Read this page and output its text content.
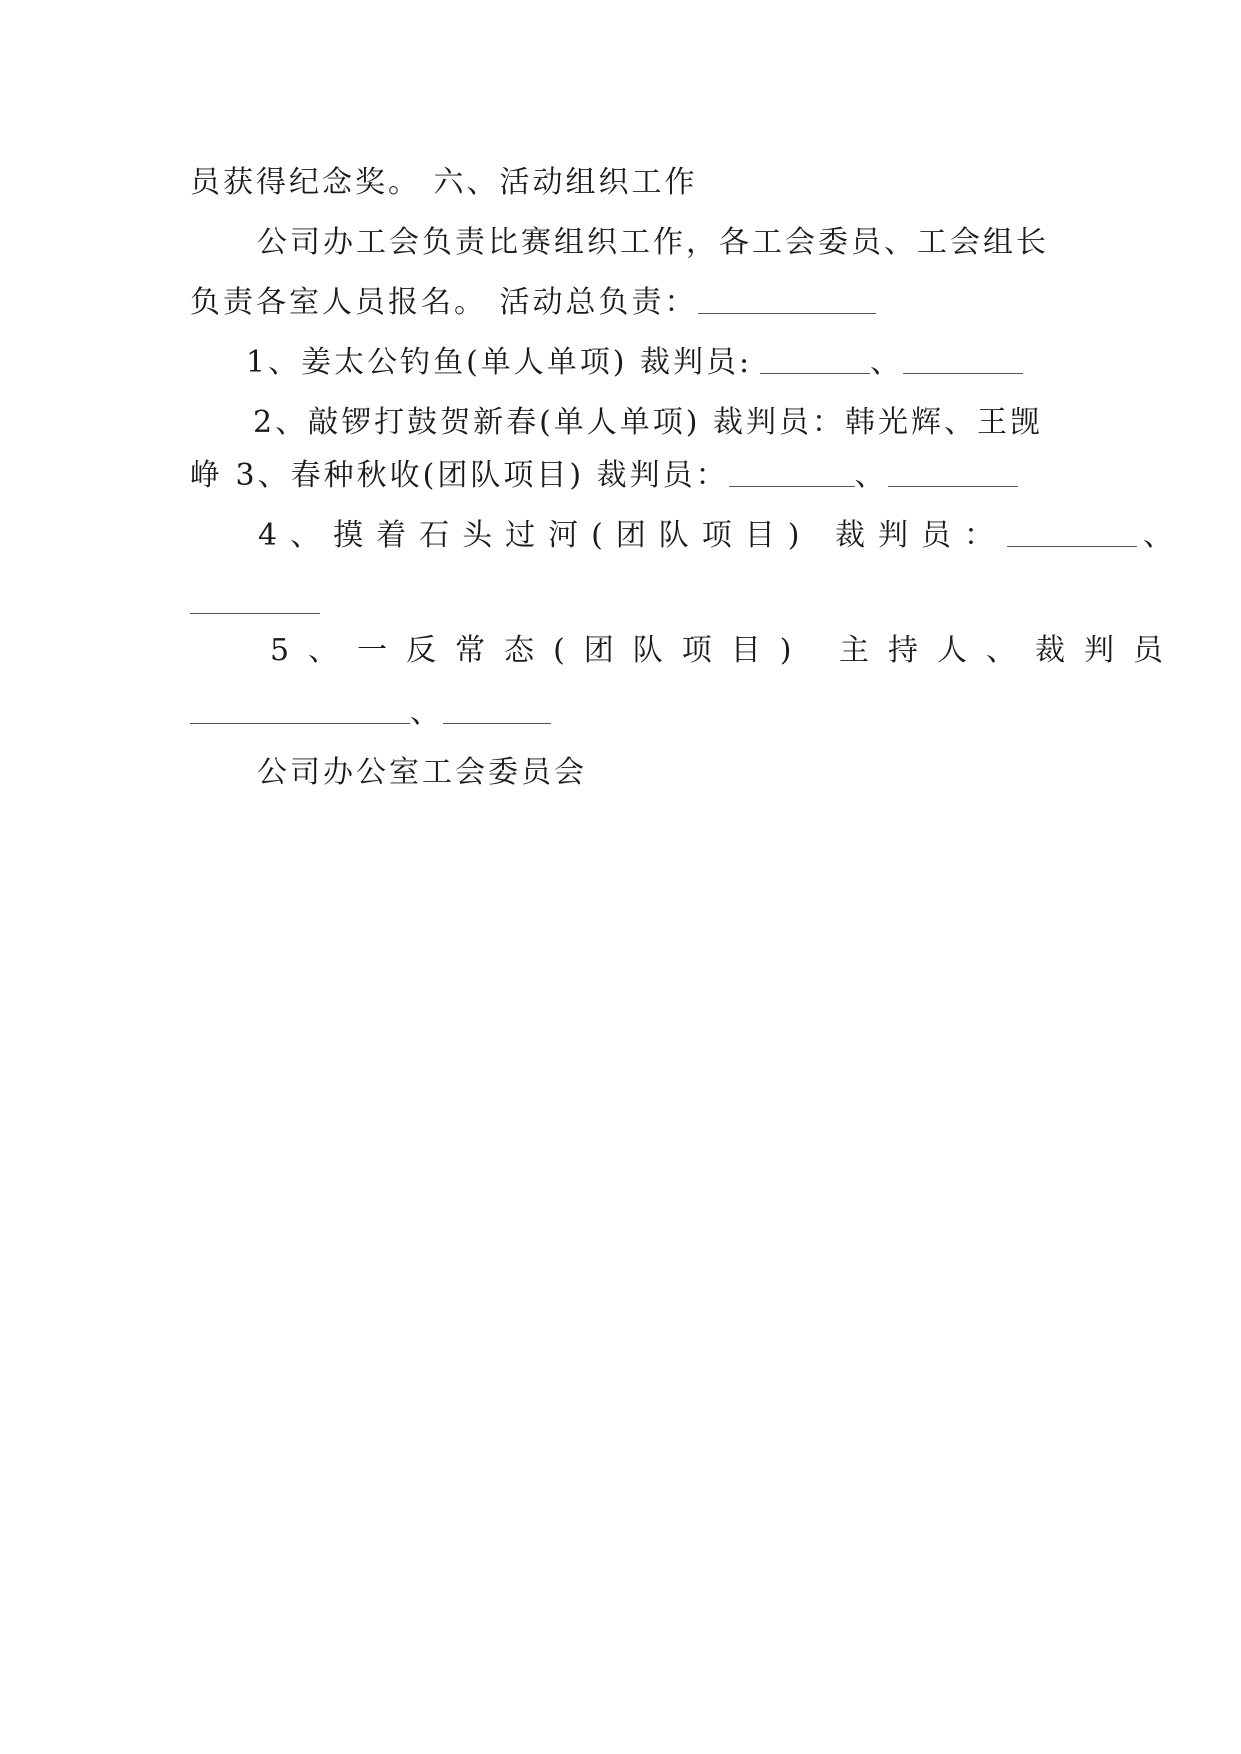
员获得纪念奖。 六、活动组织工作
公司办工会负责比赛组织工作，各工会委员、工会组长
负责各室人员报名。 活动总负责：
1、姜太公钓鱼(单人单项) 裁判员:	、
2、敲锣打鼓贺新春(单人单项) 裁判员：韩光辉、王觊
峥 3、春种秋收(团队项目) 裁判员：	、
4、摸着石头过河(团队项目) 裁判员：	、
5、一反常态(团队项目) 主持人、裁判员
、
公司办公室工会委员会
